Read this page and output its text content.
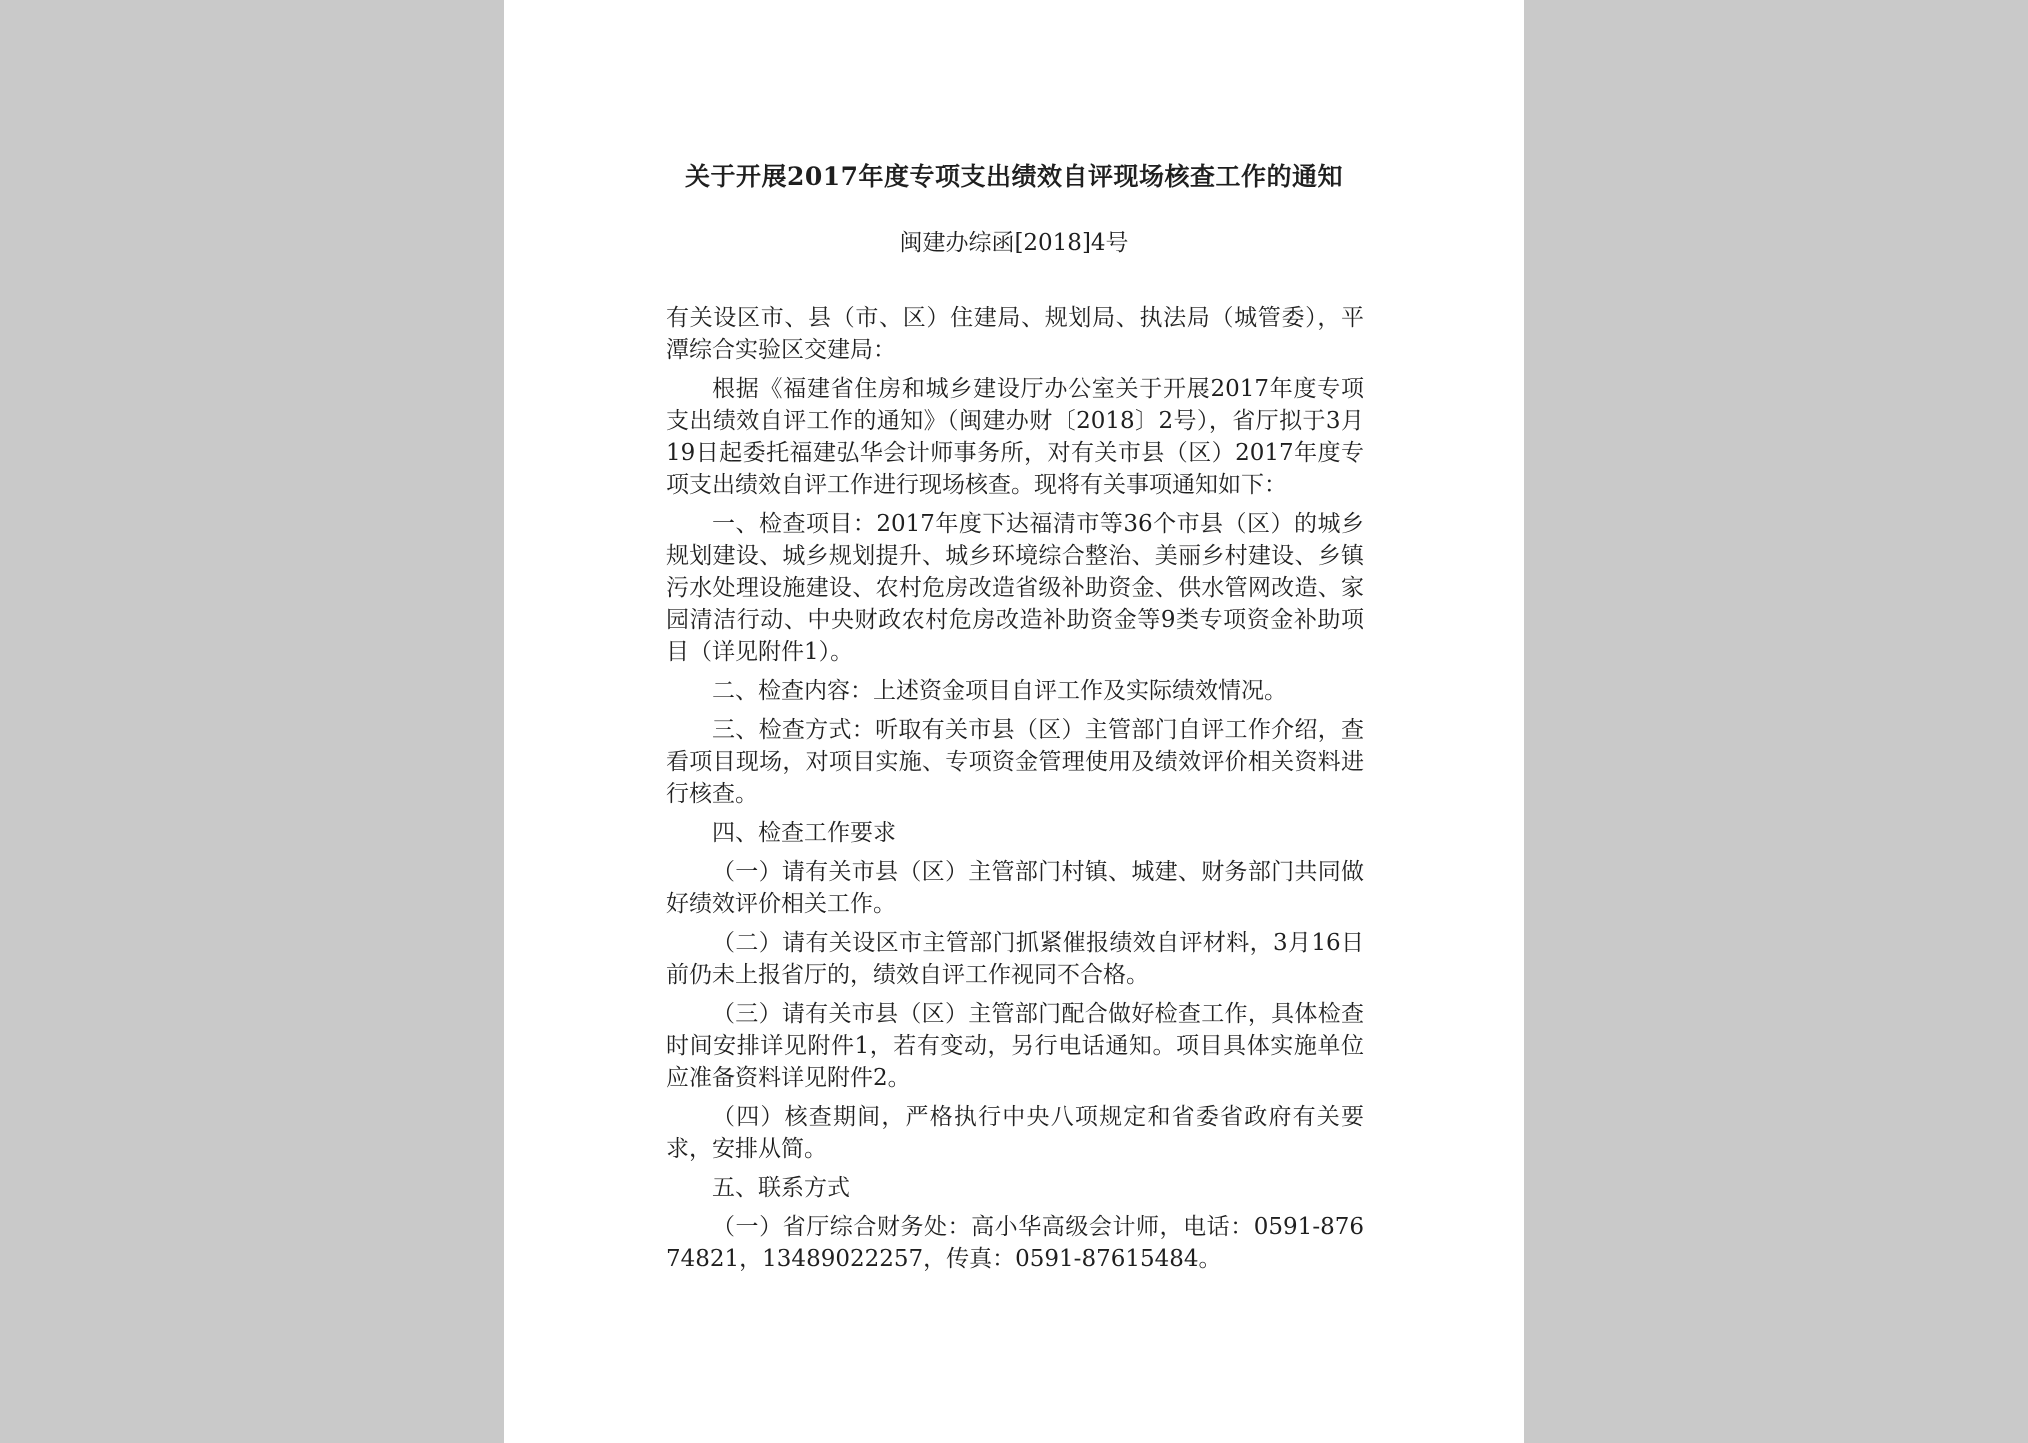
关于开展2017年度专项支出绩效自评现场核查工作的通知
闽建办综函[2018]4号

有关设区市、县（市、区）住建局、规划局、执法局（城管委），平潭综合实验区交建局：

根据《福建省住房和城乡建设厅办公室关于开展2017年度专项支出绩效自评工作的通知》（闽建办财〔2018〕2号），省厅拟于3月19日起委托福建弘华会计师事务所，对有关市县（区）2017年度专项支出绩效自评工作进行现场核查。现将有关事项通知如下：

一、检查项目：2017年度下达福清市等36个市县（区）的城乡规划建设、城乡规划提升、城乡环境综合整治、美丽乡村建设、乡镇污水处理设施建设、农村危房改造省级补助资金、供水管网改造、家园清洁行动、中央财政农村危房改造补助资金等9类专项资金补助项目（详见附件1）。

二、检查内容：上述资金项目自评工作及实际绩效情况。

三、检查方式：听取有关市县（区）主管部门自评工作介绍，查看项目现场，对项目实施、专项资金管理使用及绩效评价相关资料进行核查。

四、检查工作要求

（一）请有关市县（区）主管部门村镇、城建、财务部门共同做好绩效评价相关工作。

（二）请有关设区市主管部门抓紧催报绩效自评材料，3月16日前仍未上报省厅的，绩效自评工作视同不合格。

（三）请有关市县（区）主管部门配合做好检查工作，具体检查时间安排详见附件1，若有变动，另行电话通知。项目具体实施单位应准备资料详见附件2。

（四）核查期间，严格执行中央八项规定和省委省政府有关要求，安排从简。

五、联系方式

（一）省厅综合财务处：高小华高级会计师，电话：0591-87674821，13489022257，传真：0591-87615484。
